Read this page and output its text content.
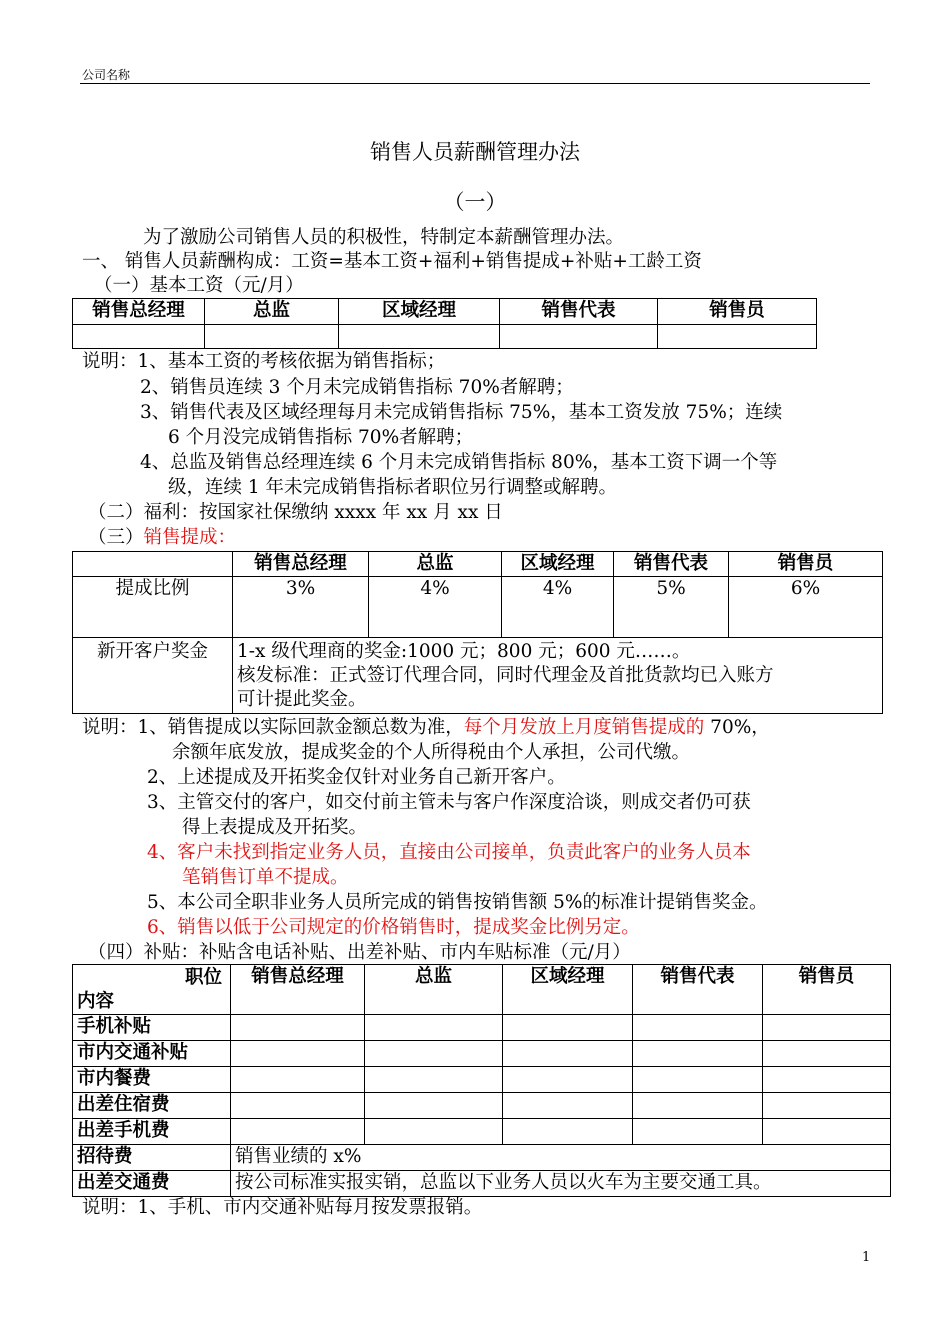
公司名称
销售人员薪酬管理办法
（一）
为了激励公司销售人员的积极性，特制定本薪酬管理办法。
一、 销售人员薪酬构成：工资=基本工资+福利+销售提成+补贴+工龄工资
（一）基本工资（元/月）
销售总经理	总监	区域经理	销售代表	销售员

说明：1、基本工资的考核依据为销售指标；
2、销售员连续 3 个月未完成销售指标 70%者解聘；
3、销售代表及区域经理每月未完成销售指标 75%，基本工资发放 75%；连续
6 个月没完成销售指标 70%者解聘；
4、总监及销售总经理连续 6 个月未完成销售指标 80%，基本工资下调一个等
级，连续 1 年未完成销售指标者职位另行调整或解聘。
（二）福利：按国家社保缴纳 xxxx 年 xx 月 xx 日
（三）销售提成：
	销售总经理	总监	区域经理	销售代表	销售员
提成比例	3%	4%	4%	5%	6%
新开客户奖金	1-x 级代理商的奖金:1000 元；800 元；600 元……。
核发标准：正式签订代理合同，同时代理金及首批货款均已入账方
可计提此奖金。				
说明：1、销售提成以实际回款金额总数为准，每个月发放上月度销售提成的 70%，
余额年底发放，提成奖金的个人所得税由个人承担，公司代缴。
2、上述提成及开拓奖金仅针对业务自己新开客户。
3、主管交付的客户，如交付前主管未与客户作深度洽谈，则成交者仍可获
得上表提成及开拓奖。
4、客户未找到指定业务人员，直接由公司接单，负责此客户的业务人员本
笔销售订单不提成。
5、本公司全职非业务人员所完成的销售按销售额 5%的标准计提销售奖金。
6、销售以低于公司规定的价格销售时，提成奖金比例另定。
（四）补贴：补贴含电话补贴、出差补贴、市内车贴标准（元/月）
职位
内容	销售总经理	总监	区域经理	销售代表	销售员
手机补贴					
市内交通补贴					
市内餐费					
出差住宿费					
出差手机费					
招待费	销售业绩的 x%				
出差交通费	按公司标准实报实销，总监以下业务人员以火车为主要交通工具。				
说明：1、手机、市内交通补贴每月按发票报销。
1
